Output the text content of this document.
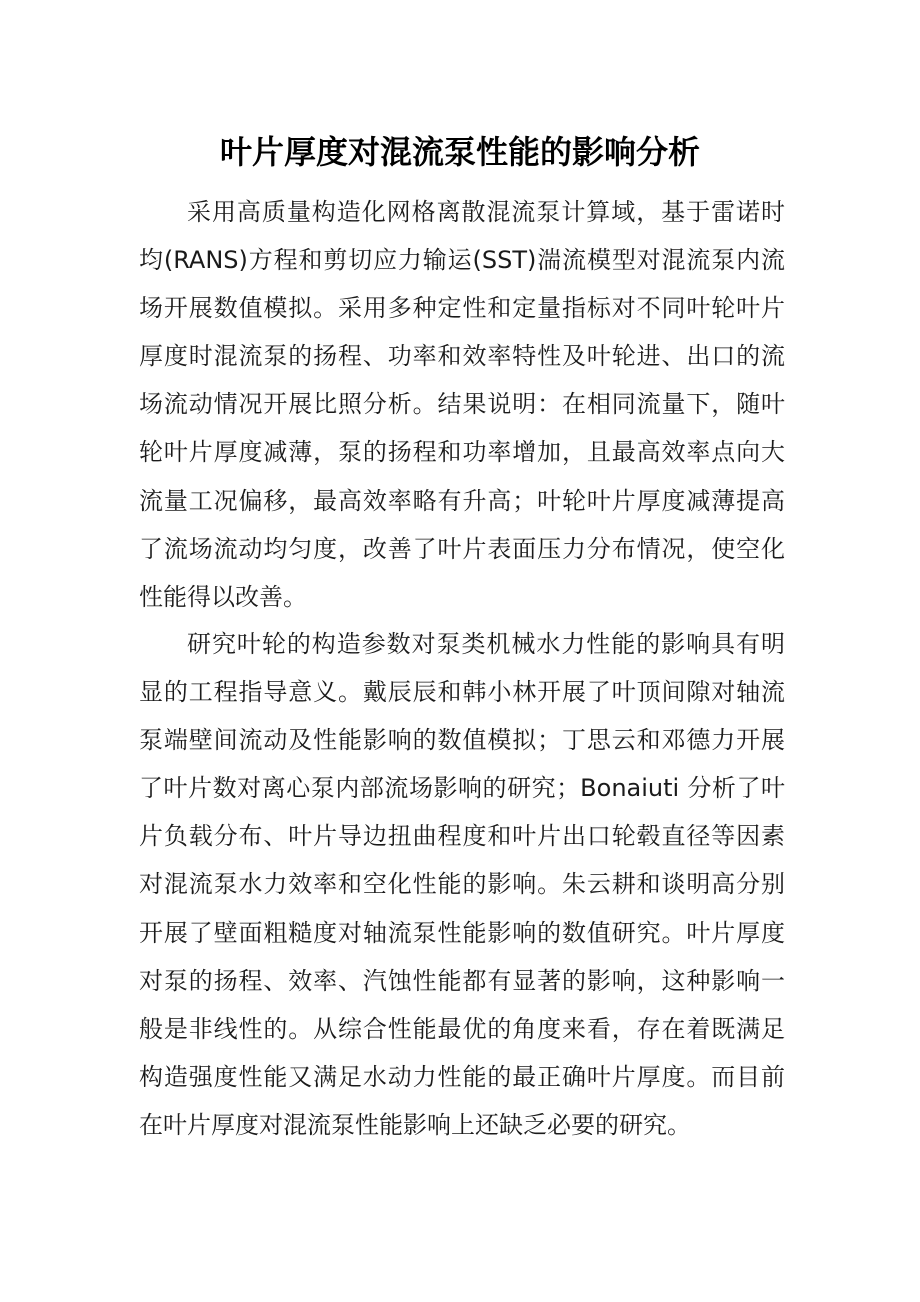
叶片厚度对混流泵性能的影响分析

采用高质量构造化网格离散混流泵计算域，基于雷诺时均(RANS)方程和剪切应力输运(SST)湍流模型对混流泵内流场开展数值模拟。采用多种定性和定量指标对不同叶轮叶片厚度时混流泵的扬程、功率和效率特性及叶轮进、出口的流场流动情况开展比照分析。结果说明：在相同流量下，随叶轮叶片厚度减薄，泵的扬程和功率增加，且最高效率点向大流量工况偏移，最高效率略有升高；叶轮叶片厚度减薄提高了流场流动均匀度，改善了叶片表面压力分布情况，使空化性能得以改善。

研究叶轮的构造参数对泵类机械水力性能的影响具有明显的工程指导意义。戴辰辰和韩小林开展了叶顶间隙对轴流泵端壁间流动及性能影响的数值模拟；丁思云和邓德力开展了叶片数对离心泵内部流场影响的研究；Bonaiuti 分析了叶片负载分布、叶片导边扭曲程度和叶片出口轮毂直径等因素对混流泵水力效率和空化性能的影响。朱云耕和谈明高分别开展了壁面粗糙度对轴流泵性能影响的数值研究。叶片厚度对泵的扬程、效率、汽蚀性能都有显著的影响，这种影响一般是非线性的。从综合性能最优的角度来看，存在着既满足构造强度性能又满足水动力性能的最正确叶片厚度。而目前在叶片厚度对混流泵性能影响上还缺乏必要的研究。
